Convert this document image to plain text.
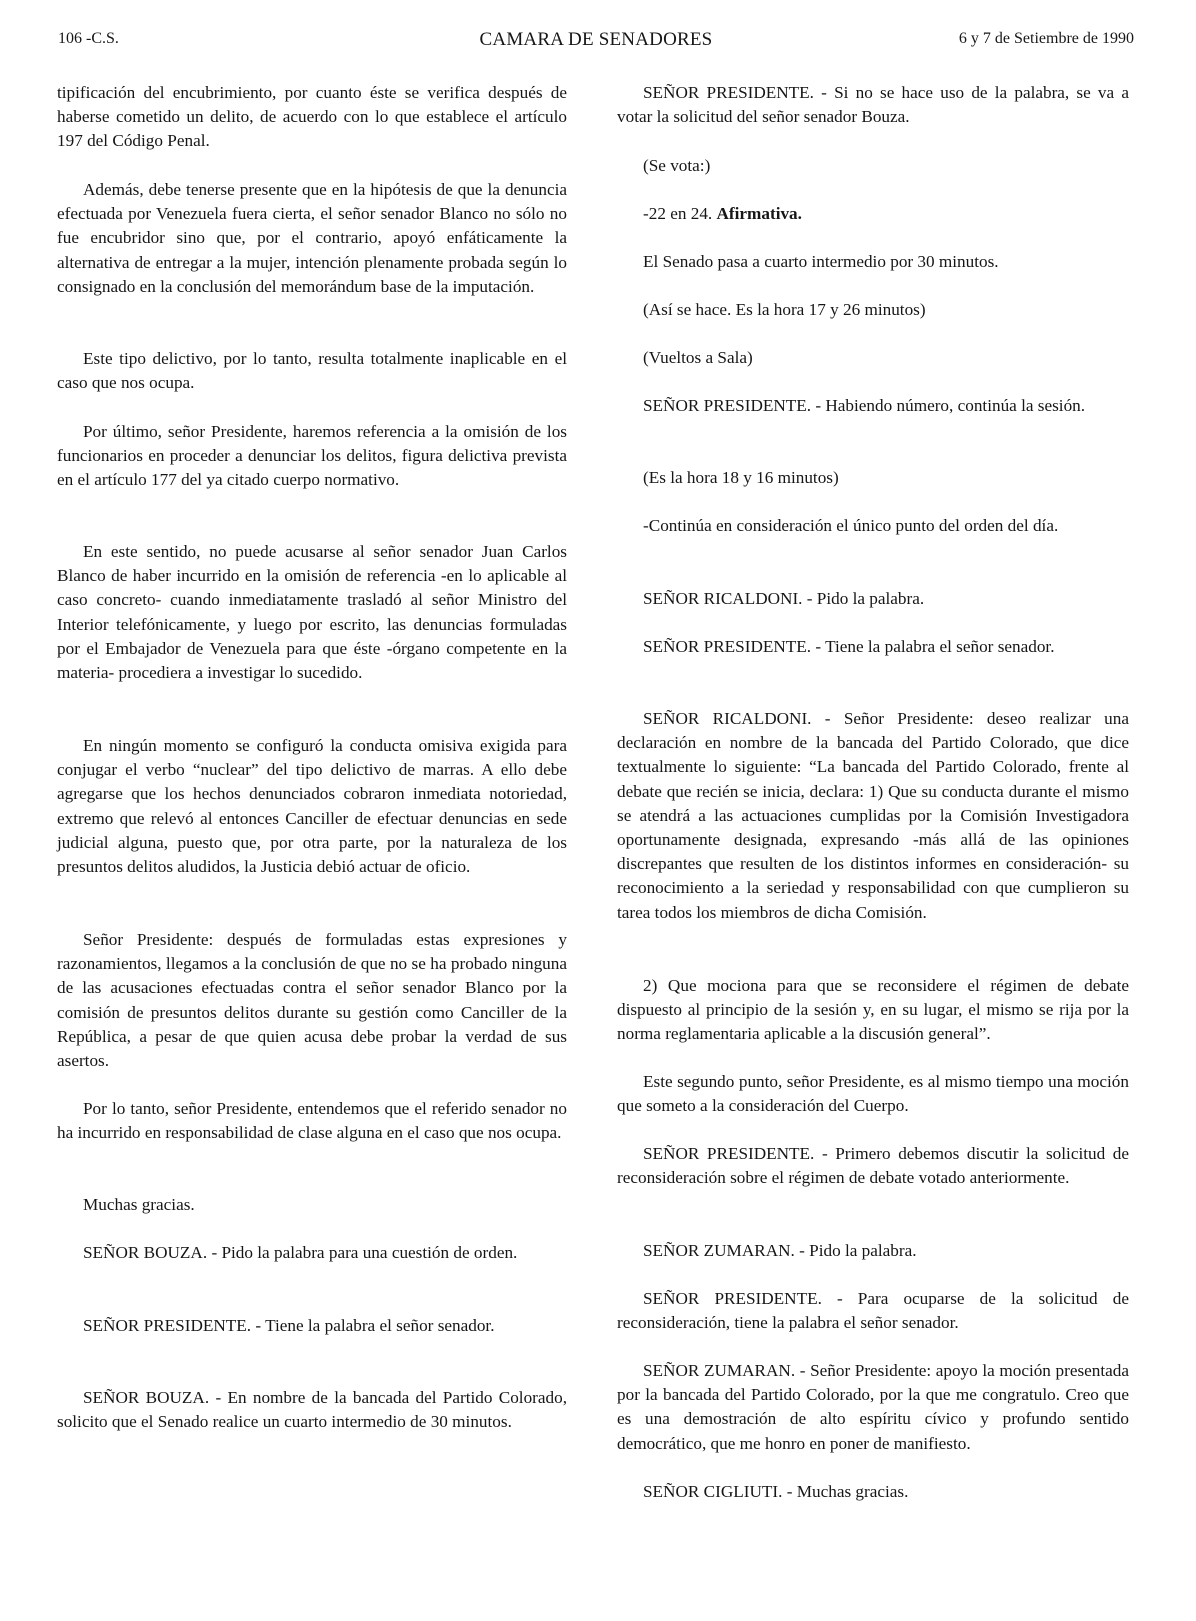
106 -C.S.	CAMARA DE SENADORES	6 y 7 de Setiembre de 1990

tipificación del encubrimiento, por cuanto éste se verifica después de haberse cometido un delito, de acuerdo con lo que establece el artículo 197 del Código Penal.

Además, debe tenerse presente que en la hipótesis de que la denuncia efectuada por Venezuela fuera cierta, el señor senador Blanco no sólo no fue encubridor sino que, por el contrario, apoyó enfáticamente la alternativa de entregar a la mujer, intención plenamente probada según lo consignado en la conclusión del memorándum base de la imputación.

Este tipo delictivo, por lo tanto, resulta totalmente inaplicable en el caso que nos ocupa.

Por último, señor Presidente, haremos referencia a la omisión de los funcionarios en proceder a denunciar los delitos, figura delictiva prevista en el artículo 177 del ya citado cuerpo normativo.

En este sentido, no puede acusarse al señor senador Juan Carlos Blanco de haber incurrido en la omisión de referencia -en lo aplicable al caso concreto- cuando inmediatamente trasladó al señor Ministro del Interior telefónicamente, y luego por escrito, las denuncias formuladas por el Embajador de Venezuela para que éste -órgano competente en la materia- procediera a investigar lo sucedido.

En ningún momento se configuró la conducta omisiva exigida para conjugar el verbo “nuclear” del tipo delictivo de marras. A ello debe agregarse que los hechos denunciados cobraron inmediata notoriedad, extremo que relevó al entonces Canciller de efectuar denuncias en sede judicial alguna, puesto que, por otra parte, por la naturaleza de los presuntos delitos aludidos, la Justicia debió actuar de oficio.

Señor Presidente: después de formuladas estas expresiones y razonamientos, llegamos a la conclusión de que no se ha probado ninguna de las acusaciones efectuadas contra el señor senador Blanco por la comisión de presuntos delitos durante su gestión como Canciller de la República, a pesar de que quien acusa debe probar la verdad de sus asertos.

Por lo tanto, señor Presidente, entendemos que el referido senador no ha incurrido en responsabilidad de clase alguna en el caso que nos ocupa.

Muchas gracias.

SEÑOR BOUZA. - Pido la palabra para una cuestión de orden.

SEÑOR PRESIDENTE. - Tiene la palabra el señor senador.

SEÑOR BOUZA. - En nombre de la bancada del Partido Colorado, solicito que el Senado realice un cuarto intermedio de 30 minutos.

SEÑOR PRESIDENTE. - Si no se hace uso de la palabra, se va a votar la solicitud del señor senador Bouza.

(Se vota:)

-22 en 24. Afirmativa.

El Senado pasa a cuarto intermedio por 30 minutos.

(Así se hace. Es la hora 17 y 26 minutos)

(Vueltos a Sala)

SEÑOR PRESIDENTE. - Habiendo número, continúa la sesión.

(Es la hora 18 y 16 minutos)

-Continúa en consideración el único punto del orden del día.

SEÑOR RICALDONI. - Pido la palabra.

SEÑOR PRESIDENTE. - Tiene la palabra el señor senador.

SEÑOR RICALDONI. - Señor Presidente: deseo realizar una declaración en nombre de la bancada del Partido Colorado, que dice textualmente lo siguiente: “La bancada del Partido Colorado, frente al debate que recién se inicia, declara: 1) Que su conducta durante el mismo se atendrá a las actuaciones cumplidas por la Comisión Investigadora oportunamente designada, expresando -más allá de las opiniones discrepantes que resulten de los distintos informes en consideración- su reconocimiento a la seriedad y responsabilidad con que cumplieron su tarea todos los miembros de dicha Comisión.

2) Que mociona para que se reconsidere el régimen de debate dispuesto al principio de la sesión y, en su lugar, el mismo se rija por la norma reglamentaria aplicable a la discusión general”.

Este segundo punto, señor Presidente, es al mismo tiempo una moción que someto a la consideración del Cuerpo.

SEÑOR PRESIDENTE. - Primero debemos discutir la solicitud de reconsideración sobre el régimen de debate votado anteriormente.

SEÑOR ZUMARAN. - Pido la palabra.

SEÑOR PRESIDENTE. - Para ocuparse de la solicitud de reconsideración, tiene la palabra el señor senador.

SEÑOR ZUMARAN. - Señor Presidente: apoyo la moción presentada por la bancada del Partido Colorado, por la que me congratulo. Creo que es una demostración de alto espíritu cívico y profundo sentido democrático, que me honro en poner de manifiesto.

SEÑOR CIGLIUTI. - Muchas gracias.
